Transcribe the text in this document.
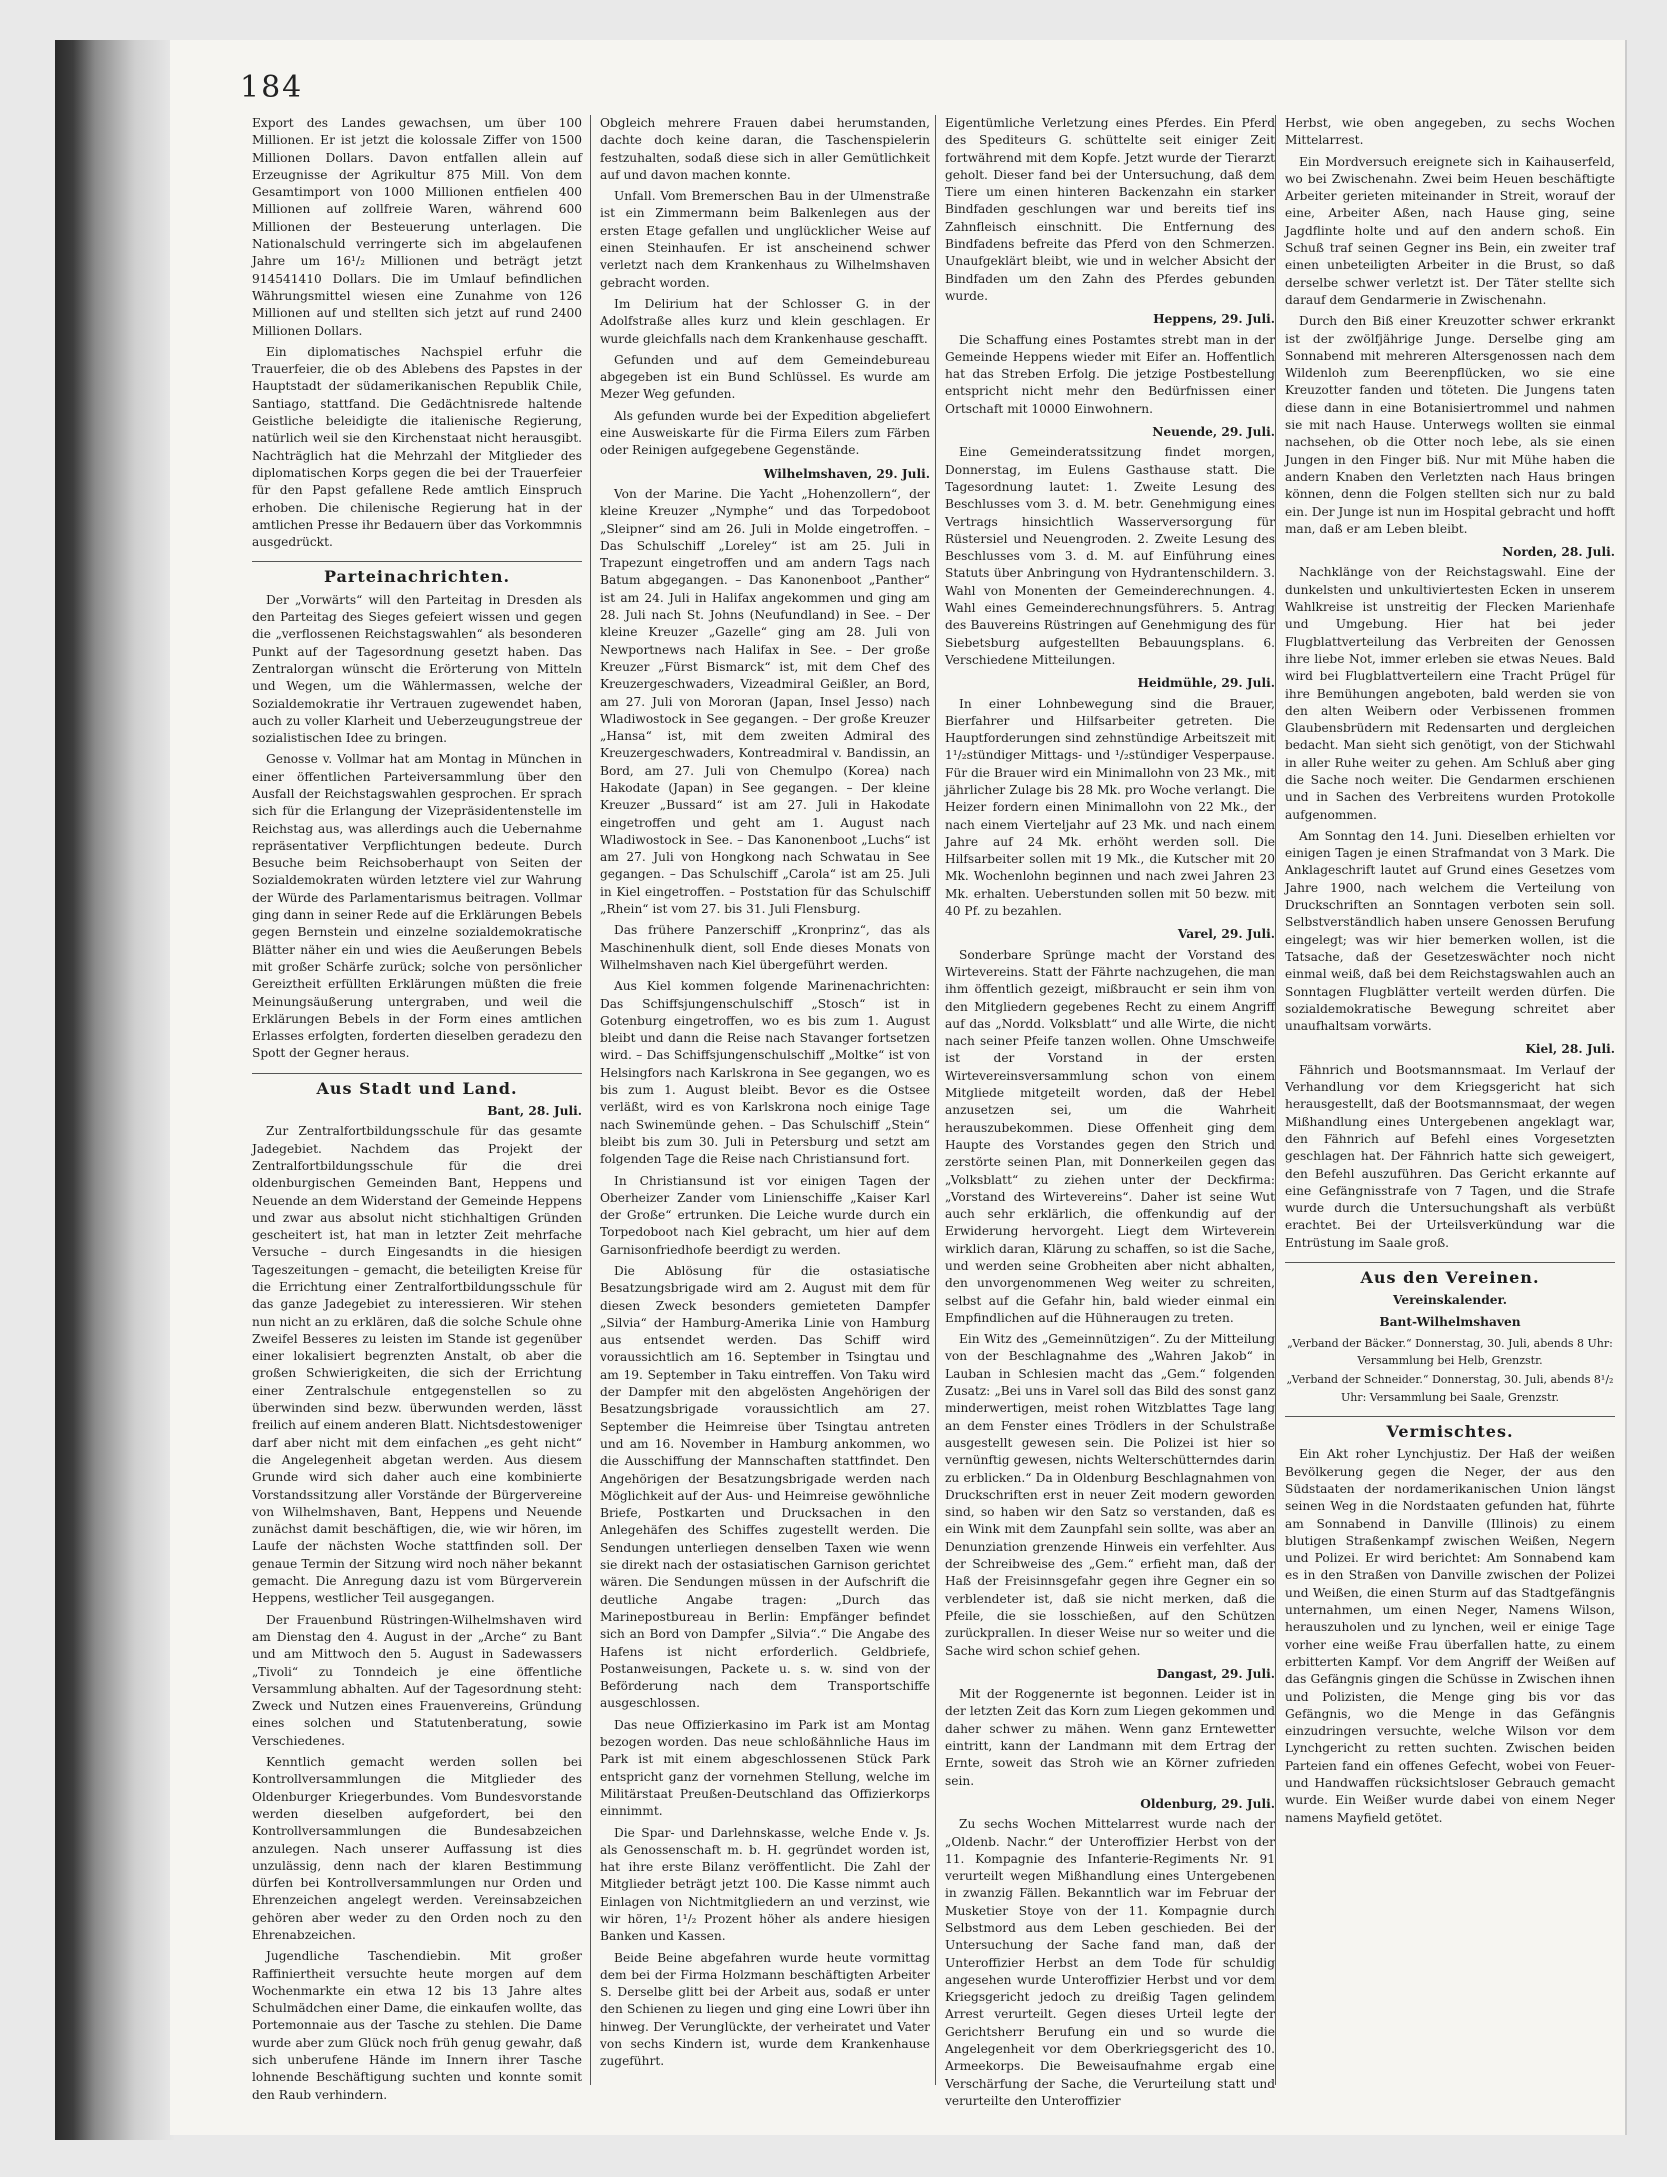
184

Export des Landes gewachsen, um über 100 Millionen. Er ist jetzt die kolossale Ziffer von 1500 Millionen Dollars. Davon entfallen allein auf Erzeugnisse der Agrikultur 875 Mill. Von dem Gesamtimport von 1000 Millionen entfielen 400 Millionen auf zollfreie Waren, während 600 Millionen der Besteuerung unterlagen. Die Nationalschuld verringerte sich im abgelaufenen Jahre um 16¹/₂ Millionen und beträgt jetzt 914541410 Dollars. Die im Umlauf befindlichen Währungsmittel wiesen eine Zunahme von 126 Millionen auf und stellten sich jetzt auf rund 2400 Millionen Dollars.

Ein diplomatisches Nachspiel erfuhr die Trauerfeier, die ob des Ablebens des Papstes in der Hauptstadt der südamerikanischen Republik Chile, Santiago, stattfand. Die Gedächtnisrede haltende Geistliche beleidigte die italienische Regierung, natürlich weil sie den Kirchenstaat nicht herausgibt. Nachträglich hat die Mehrzahl der Mitglieder des diplomatischen Korps gegen die bei der Trauerfeier für den Papst gefallene Rede amtlich Einspruch erhoben. Die chilenische Regierung hat in der amtlichen Presse ihr Bedauern über das Vorkommnis ausgedrückt.

Parteinachrichten.

Der „Vorwärts“ will den Parteitag in Dresden als den Parteitag des Sieges gefeiert wissen und gegen die „verflossenen Reichstagswahlen“ als besonderen Punkt auf der Tagesordnung gesetzt haben. Das Zentralorgan wünscht die Erörterung von Mitteln und Wegen, um die Wählermassen, welche der Sozialdemokratie ihr Vertrauen zugewendet haben, auch zu voller Klarheit und Ueberzeugungstreue der sozialistischen Idee zu bringen.

Genosse v. Vollmar hat am Montag in München in einer öffentlichen Parteiversammlung über den Ausfall der Reichstagswahlen gesprochen. Er sprach sich für die Erlangung der Vizepräsidentenstelle im Reichstag aus, was allerdings auch die Uebernahme repräsentativer Verpflichtungen bedeute. Durch Besuche beim Reichsoberhaupt von Seiten der Sozialdemokraten würden letztere viel zur Wahrung der Würde des Parlamentarismus beitragen. Vollmar ging dann in seiner Rede auf die Erklärungen Bebels gegen Bernstein und einzelne sozialdemokratische Blätter näher ein und wies die Aeußerungen Bebels mit großer Schärfe zurück; solche von persönlicher Gereiztheit erfüllten Erklärungen müßten die freie Meinungsäußerung untergraben, und weil die Erklärungen Bebels in der Form eines amtlichen Erlasses erfolgten, forderten dieselben geradezu den Spott der Gegner heraus.

Aus Stadt und Land.
Bant, 28. Juli.

Zur Zentralfortbildungsschule für das gesamte Jadegebiet. Nachdem das Projekt der Zentralfortbildungsschule für die drei oldenburgischen Gemeinden Bant, Heppens und Neuende an dem Widerstand der Gemeinde Heppens und zwar aus absolut nicht stichhaltigen Gründen gescheitert ist, hat man in letzter Zeit mehrfache Versuche – durch Eingesandts in die hiesigen Tageszeitungen – gemacht, die beteiligten Kreise für die Errichtung einer Zentralfortbildungsschule für das ganze Jadegebiet zu interessieren. Wir stehen nun nicht an zu erklären, daß die solche Schule ohne Zweifel Besseres zu leisten im Stande ist gegenüber einer lokalisiert begrenzten Anstalt, ob aber die großen Schwierigkeiten, die sich der Errichtung einer Zentralschule entgegenstellen so zu überwinden sind bezw. überwunden werden, lässt freilich auf einem anderen Blatt. Nichtsdestoweniger darf aber nicht mit dem einfachen „es geht nicht“ die Angelegenheit abgetan werden. Aus diesem Grunde wird sich daher auch eine kombinierte Vorstandssitzung aller Vorstände der Bürgervereine von Wilhelmshaven, Bant, Heppens und Neuende zunächst damit beschäftigen, die, wie wir hören, im Laufe der nächsten Woche stattfinden soll. Der genaue Termin der Sitzung wird noch näher bekannt gemacht. Die Anregung dazu ist vom Bürgerverein Heppens, westlicher Teil ausgegangen.

Der Frauenbund Rüstringen-Wilhelmshaven wird am Dienstag den 4. August in der „Arche“ zu Bant und am Mittwoch den 5. August in Sadewassers „Tivoli“ zu Tonndeich je eine öffentliche Versammlung abhalten. Auf der Tagesordnung steht: Zweck und Nutzen eines Frauenvereins, Gründung eines solchen und Statutenberatung, sowie Verschiedenes.

Kenntlich gemacht werden sollen bei Kontrollversammlungen die Mitglieder des Oldenburger Kriegerbundes. Vom Bundesvorstande werden dieselben aufgefordert, bei den Kontrollversammlungen die Bundesabzeichen anzulegen. Nach unserer Auffassung ist dies unzulässig, denn nach der klaren Bestimmung dürfen bei Kontrollversammlungen nur Orden und Ehrenzeichen angelegt werden. Vereinsabzeichen gehören aber weder zu den Orden noch zu den Ehrenabzeichen.

Jugendliche Taschendiebin. Mit großer Raffiniertheit versuchte heute morgen auf dem Wochenmarkte ein etwa 12 bis 13 Jahre altes Schulmädchen einer Dame, die einkaufen wollte, das Portemonnaie aus der Tasche zu stehlen. Die Dame wurde aber zum Glück noch früh genug gewahr, daß sich unberufene Hände im Innern ihrer Tasche lohnende Beschäftigung suchten und konnte somit den Raub verhindern.

Obgleich mehrere Frauen dabei herumstanden, dachte doch keine daran, die Taschenspielerin festzuhalten, sodaß diese sich in aller Gemütlichkeit auf und davon machen konnte.

Unfall. Vom Bremerschen Bau in der Ulmenstraße ist ein Zimmermann beim Balkenlegen aus der ersten Etage gefallen und unglücklicher Weise auf einen Steinhaufen. Er ist anscheinend schwer verletzt nach dem Krankenhaus zu Wilhelmshaven gebracht worden.

Im Delirium hat der Schlosser G. in der Adolfstraße alles kurz und klein geschlagen. Er wurde gleichfalls nach dem Krankenhause geschafft.

Gefunden und auf dem Gemeindebureau abgegeben ist ein Bund Schlüssel. Es wurde am Mezer Weg gefunden.

Als gefunden wurde bei der Expedition abgeliefert eine Ausweiskarte für die Firma Eilers zum Färben oder Reinigen aufgegebene Gegenstände.

Wilhelmshaven, 29. Juli.

Von der Marine. Die Yacht „Hohenzollern“, der kleine Kreuzer „Nymphe“ und das Torpedoboot „Sleipner“ sind am 26. Juli in Molde eingetroffen. – Das Schulschiff „Loreley“ ist am 25. Juli in Trapezunt eingetroffen und am andern Tags nach Batum abgegangen. – Das Kanonenboot „Panther“ ist am 24. Juli in Halifax angekommen und ging am 28. Juli nach St. Johns (Neufundland) in See. – Der kleine Kreuzer „Gazelle“ ging am 28. Juli von Newportnews nach Halifax in See. – Der große Kreuzer „Fürst Bismarck“ ist, mit dem Chef des Kreuzergeschwaders, Vizeadmiral Geißler, an Bord, am 27. Juli von Mororan (Japan, Insel Jesso) nach Wladiwostock in See gegangen. – Der große Kreuzer „Hansa“ ist, mit dem zweiten Admiral des Kreuzergeschwaders, Kontreadmiral v. Bandissin, an Bord, am 27. Juli von Chemulpo (Korea) nach Hakodate (Japan) in See gegangen. – Der kleine Kreuzer „Bussard“ ist am 27. Juli in Hakodate eingetroffen und geht am 1. August nach Wladiwostock in See. – Das Kanonenboot „Luchs“ ist am 27. Juli von Hongkong nach Schwatau in See gegangen. – Das Schulschiff „Carola“ ist am 25. Juli in Kiel eingetroffen. – Poststation für das Schulschiff „Rhein“ ist vom 27. bis 31. Juli Flensburg.

Das frühere Panzerschiff „Kronprinz“, das als Maschinenhulk dient, soll Ende dieses Monats von Wilhelmshaven nach Kiel übergeführt werden.

Aus Kiel kommen folgende Marinenachrichten: Das Schiffsjungenschulschiff „Stosch“ ist in Gotenburg eingetroffen, wo es bis zum 1. August bleibt und dann die Reise nach Stavanger fortsetzen wird. – Das Schiffsjungenschulschiff „Moltke“ ist von Helsingfors nach Karlskrona in See gegangen, wo es bis zum 1. August bleibt. Bevor es die Ostsee verläßt, wird es von Karlskrona noch einige Tage nach Swinemünde gehen. – Das Schulschiff „Stein“ bleibt bis zum 30. Juli in Petersburg und setzt am folgenden Tage die Reise nach Christiansund fort.

In Christiansund ist vor einigen Tagen der Oberheizer Zander vom Linienschiffe „Kaiser Karl der Große“ ertrunken. Die Leiche wurde durch ein Torpedoboot nach Kiel gebracht, um hier auf dem Garnisonfriedhofe beerdigt zu werden.

Die Ablösung für die ostasiatische Besatzungsbrigade wird am 2. August mit dem für diesen Zweck besonders gemieteten Dampfer „Silvia“ der Hamburg-Amerika Linie von Hamburg aus entsendet werden. Das Schiff wird voraussichtlich am 16. September in Tsingtau und am 19. September in Taku eintreffen. Von Taku wird der Dampfer mit den abgelösten Angehörigen der Besatzungsbrigade voraussichtlich am 27. September die Heimreise über Tsingtau antreten und am 16. November in Hamburg ankommen, wo die Ausschiffung der Mannschaften stattfindet. Den Angehörigen der Besatzungsbrigade werden nach Möglichkeit auf der Aus- und Heimreise gewöhnliche Briefe, Postkarten und Drucksachen in den Anlegehäfen des Schiffes zugestellt werden. Die Sendungen unterliegen denselben Taxen wie wenn sie direkt nach der ostasiatischen Garnison gerichtet wären. Die Sendungen müssen in der Aufschrift die deutliche Angabe tragen: „Durch das Marinepostbureau in Berlin: Empfänger befindet sich an Bord von Dampfer „Silvia“.“ Die Angabe des Hafens ist nicht erforderlich. Geldbriefe, Postanweisungen, Packete u. s. w. sind von der Beförderung nach dem Transportschiffe ausgeschlossen.

Das neue Offizierkasino im Park ist am Montag bezogen worden. Das neue schloßähnliche Haus im Park ist mit einem abgeschlossenen Stück Park entspricht ganz der vornehmen Stellung, welche im Militärstaat Preußen-Deutschland das Offizierkorps einnimmt.

Die Spar- und Darlehnskasse, welche Ende v. Js. als Genossenschaft m. b. H. gegründet worden ist, hat ihre erste Bilanz veröffentlicht. Die Zahl der Mitglieder beträgt jetzt 100. Die Kasse nimmt auch Einlagen von Nichtmitgliedern an und verzinst, wie wir hören, 1¹/₂ Prozent höher als andere hiesigen Banken und Kassen.

Beide Beine abgefahren wurde heute vormittag dem bei der Firma Holzmann beschäftigten Arbeiter S. Derselbe glitt bei der Arbeit aus, sodaß er unter den Schienen zu liegen und ging eine Lowri über ihn hinweg. Der Verunglückte, der verheiratet und Vater von sechs Kindern ist, wurde dem Krankenhause zugeführt.

Eigentümliche Verletzung eines Pferdes. Ein Pferd des Spediteurs G. schüttelte seit einiger Zeit fortwährend mit dem Kopfe. Jetzt wurde der Tierarzt geholt. Dieser fand bei der Untersuchung, daß dem Tiere um einen hinteren Backenzahn ein starker Bindfaden geschlungen war und bereits tief ins Zahnfleisch einschnitt. Die Entfernung des Bindfadens befreite das Pferd von den Schmerzen. Unaufgeklärt bleibt, wie und in welcher Absicht der Bindfaden um den Zahn des Pferdes gebunden wurde.

Heppens, 29. Juli.

Die Schaffung eines Postamtes strebt man in der Gemeinde Heppens wieder mit Eifer an. Hoffentlich hat das Streben Erfolg. Die jetzige Postbestellung entspricht nicht mehr den Bedürfnissen einer Ortschaft mit 10000 Einwohnern.

Neuende, 29. Juli.

Eine Gemeinderatssitzung findet morgen, Donnerstag, im Eulens Gasthause statt. Die Tagesordnung lautet: 1. Zweite Lesung des Beschlusses vom 3. d. M. betr. Genehmigung eines Vertrags hinsichtlich Wasserversorgung für Rüstersiel und Neuengroden. 2. Zweite Lesung des Beschlusses vom 3. d. M. auf Einführung eines Statuts über Anbringung von Hydrantenschildern. 3. Wahl von Monenten der Gemeinderechnungen. 4. Wahl eines Gemeinderechnungsführers. 5. Antrag des Bauvereins Rüstringen auf Genehmigung des für Siebetsburg aufgestellten Bebauungsplans. 6. Verschiedene Mitteilungen.

Heidmühle, 29. Juli.

In einer Lohnbewegung sind die Brauer, Bierfahrer und Hilfsarbeiter getreten. Die Hauptforderungen sind zehnstündige Arbeitszeit mit 1¹/₂stündiger Mittags- und ¹/₂stündiger Vesperpause. Für die Brauer wird ein Minimallohn von 23 Mk., mit jährlicher Zulage bis 28 Mk. pro Woche verlangt. Die Heizer fordern einen Minimallohn von 22 Mk., der nach einem Vierteljahr auf 23 Mk. und nach einem Jahre auf 24 Mk. erhöht werden soll. Die Hilfsarbeiter sollen mit 19 Mk., die Kutscher mit 20 Mk. Wochenlohn beginnen und nach zwei Jahren 23 Mk. erhalten. Ueberstunden sollen mit 50 bezw. mit 40 Pf. zu bezahlen.

Varel, 29. Juli.

Sonderbare Sprünge macht der Vorstand des Wirtevereins. Statt der Fährte nachzugehen, die man ihm öffentlich gezeigt, mißbraucht er sein ihm von den Mitgliedern gegebenes Recht zu einem Angriff auf das „Nordd. Volksblatt“ und alle Wirte, die nicht nach seiner Pfeife tanzen wollen. Ohne Umschweife ist der Vorstand in der ersten Wirtevereinsversammlung schon von einem Mitgliede mitgeteilt worden, daß der Hebel anzusetzen sei, um die Wahrheit herauszubekommen. Diese Offenheit ging dem Haupte des Vorstandes gegen den Strich und zerstörte seinen Plan, mit Donnerkeilen gegen das „Volksblatt“ zu ziehen unter der Deckfirma: „Vorstand des Wirtevereins“. Daher ist seine Wut auch sehr erklärlich, die offenkundig auf der Erwiderung hervorgeht. Liegt dem Wirteverein wirklich daran, Klärung zu schaffen, so ist die Sache, und werden seine Grobheiten aber nicht abhalten, den unvorgenommenen Weg weiter zu schreiten, selbst auf die Gefahr hin, bald wieder einmal ein Empfindlichen auf die Hühneraugen zu treten.

Ein Witz des „Gemeinnützigen“. Zu der Mitteilung von der Beschlagnahme des „Wahren Jakob“ in Lauban in Schlesien macht das „Gem.“ folgenden Zusatz: „Bei uns in Varel soll das Bild des sonst ganz minderwertigen, meist rohen Witzblattes Tage lang an dem Fenster eines Trödlers in der Schulstraße ausgestellt gewesen sein. Die Polizei ist hier so vernünftig gewesen, nichts Welterschütterndes darin zu erblicken.“ Da in Oldenburg Beschlagnahmen von Druckschriften erst in neuer Zeit modern geworden sind, so haben wir den Satz so verstanden, daß es ein Wink mit dem Zaunpfahl sein sollte, was aber an Denunziation grenzende Hinweis ein verfehlter. Aus der Schreibweise des „Gem.“ erfieht man, daß der Haß der Freisinnsgefahr gegen ihre Gegner ein so verblendeter ist, daß sie nicht merken, daß die Pfeile, die sie losschießen, auf den Schützen zurückprallen. In dieser Weise nur so weiter und die Sache wird schon schief gehen.

Dangast, 29. Juli.

Mit der Roggenernte ist begonnen. Leider ist in der letzten Zeit das Korn zum Liegen gekommen und daher schwer zu mähen. Wenn ganz Erntewetter eintritt, kann der Landmann mit dem Ertrag der Ernte, soweit das Stroh wie an Körner zufrieden sein.

Oldenburg, 29. Juli.

Zu sechs Wochen Mittelarrest wurde nach der „Oldenb. Nachr.“ der Unteroffizier Herbst von der 11. Kompagnie des Infanterie-Regiments Nr. 91 verurteilt wegen Mißhandlung eines Untergebenen in zwanzig Fällen. Bekanntlich war im Februar der Musketier Stoye von der 11. Kompagnie durch Selbstmord aus dem Leben geschieden. Bei der Untersuchung der Sache fand man, daß der Unteroffizier Herbst an dem Tode für schuldig angesehen wurde Unteroffizier Herbst und vor dem Kriegsgericht jedoch zu dreißig Tagen gelindem Arrest verurteilt. Gegen dieses Urteil legte der Gerichtsherr Berufung ein und so wurde die Angelegenheit vor dem Oberkriegsgericht des 10. Armeekorps. Die Beweisaufnahme ergab eine Verschärfung der Sache, die Verurteilung statt und verurteilte den Unteroffizier

Herbst, wie oben angegeben, zu sechs Wochen Mittelarrest.

Ein Mordversuch ereignete sich in Kaihauserfeld, wo bei Zwischenahn. Zwei beim Heuen beschäftigte Arbeiter gerieten miteinander in Streit, worauf der eine, Arbeiter Aßen, nach Hause ging, seine Jagdflinte holte und auf den andern schoß. Ein Schuß traf seinen Gegner ins Bein, ein zweiter traf einen unbeteiligten Arbeiter in die Brust, so daß derselbe schwer verletzt ist. Der Täter stellte sich darauf dem Gendarmerie in Zwischenahn.

Durch den Biß einer Kreuzotter schwer erkrankt ist der zwölfjährige Junge. Derselbe ging am Sonnabend mit mehreren Altersgenossen nach dem Wildenloh zum Beerenpflücken, wo sie eine Kreuzotter fanden und töteten. Die Jungens taten diese dann in eine Botanisiertrommel und nahmen sie mit nach Hause. Unterwegs wollten sie einmal nachsehen, ob die Otter noch lebe, als sie einen Jungen in den Finger biß. Nur mit Mühe haben die andern Knaben den Verletzten nach Haus bringen können, denn die Folgen stellten sich nur zu bald ein. Der Junge ist nun im Hospital gebracht und hofft man, daß er am Leben bleibt.

Norden, 28. Juli.

Nachklänge von der Reichstagswahl. Eine der dunkelsten und unkultiviertesten Ecken in unserem Wahlkreise ist unstreitig der Flecken Marienhafe und Umgebung. Hier hat bei jeder Flugblattverteilung das Verbreiten der Genossen ihre liebe Not, immer erleben sie etwas Neues. Bald wird bei Flugblattverteilern eine Tracht Prügel für ihre Bemühungen angeboten, bald werden sie von den alten Weibern oder Verbissenen frommen Glaubensbrüdern mit Redensarten und dergleichen bedacht. Man sieht sich genötigt, von der Stichwahl in aller Ruhe weiter zu gehen. Am Schluß aber ging die Sache noch weiter. Die Gendarmen erschienen und in Sachen des Verbreitens wurden Protokolle aufgenommen.

Am Sonntag den 14. Juni. Dieselben erhielten vor einigen Tagen je einen Strafmandat von 3 Mark. Die Anklageschrift lautet auf Grund eines Gesetzes vom Jahre 1900, nach welchem die Verteilung von Druckschriften an Sonntagen verboten sein soll. Selbstverständlich haben unsere Genossen Berufung eingelegt; was wir hier bemerken wollen, ist die Tatsache, daß der Gesetzeswächter noch nicht einmal weiß, daß bei dem Reichstagswahlen auch an Sonntagen Flugblätter verteilt werden dürfen. Die sozialdemokratische Bewegung schreitet aber unaufhaltsam vorwärts.

Kiel, 28. Juli.

Fähnrich und Bootsmannsmaat. Im Verlauf der Verhandlung vor dem Kriegsgericht hat sich herausgestellt, daß der Bootsmannsmaat, der wegen Mißhandlung eines Untergebenen angeklagt war, den Fähnrich auf Befehl eines Vorgesetzten geschlagen hat. Der Fähnrich hatte sich geweigert, den Befehl auszuführen. Das Gericht erkannte auf eine Gefängnisstrafe von 7 Tagen, und die Strafe wurde durch die Untersuchungshaft als verbüßt erachtet. Bei der Urteilsverkündung war die Entrüstung im Saale groß.

Aus den Vereinen.
Vereinskalender.
Bant-Wilhelmshaven
„Verband der Bäcker.“ Donnerstag, 30. Juli, abends 8 Uhr: Versammlung bei Helb, Grenzstr.
„Verband der Schneider.“ Donnerstag, 30. Juli, abends 8¹/₂ Uhr: Versammlung bei Saale, Grenzstr.
Vermischtes.

Ein Akt roher Lynchjustiz. Der Haß der weißen Bevölkerung gegen die Neger, der aus den Südstaaten der nordamerikanischen Union längst seinen Weg in die Nordstaaten gefunden hat, führte am Sonnabend in Danville (Illinois) zu einem blutigen Straßenkampf zwischen Weißen, Negern und Polizei. Er wird berichtet: Am Sonnabend kam es in den Straßen von Danville zwischen der Polizei und Weißen, die einen Sturm auf das Stadtgefängnis unternahmen, um einen Neger, Namens Wilson, herauszuholen und zu lynchen, weil er einige Tage vorher eine weiße Frau überfallen hatte, zu einem erbitterten Kampf. Vor dem Angriff der Weißen auf das Gefängnis gingen die Schüsse in Zwischen ihnen und Polizisten, die Menge ging bis vor das Gefängnis, wo die Menge in das Gefängnis einzudringen versuchte, welche Wilson vor dem Lynchgericht zu retten suchten. Zwischen beiden Parteien fand ein offenes Gefecht, wobei von Feuer- und Handwaffen rücksichtsloser Gebrauch gemacht wurde. Ein Weißer wurde dabei von einem Neger namens Mayfield getötet.
